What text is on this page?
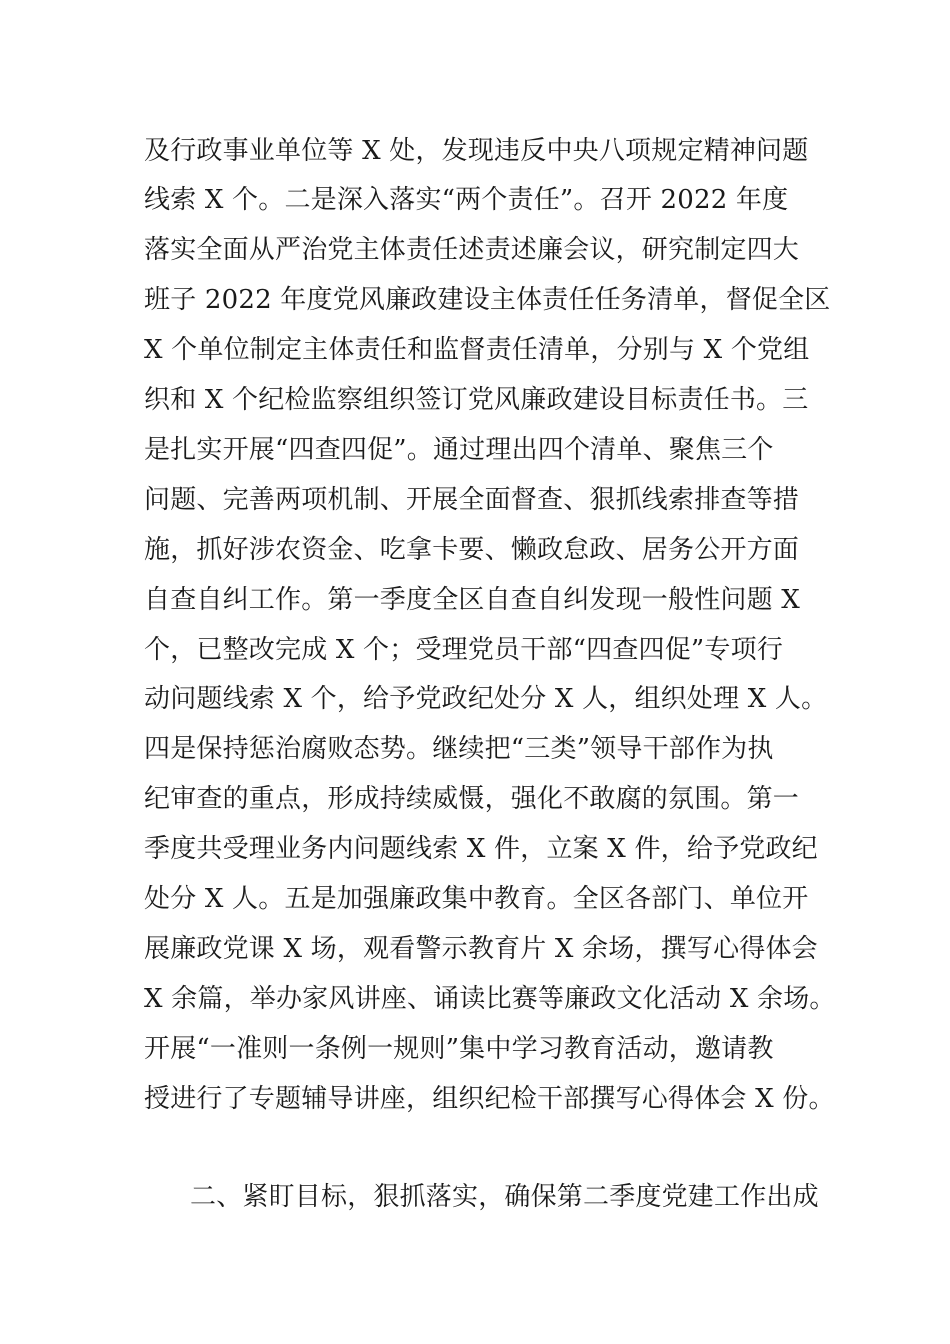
及行政事业单位等 X 处，发现违反中央八项规定精神问题
线索 X 个。二是深入落实“两个责任”。召开 2022 年度
落实全面从严治党主体责任述责述廉会议，研究制定四大
班子 2022 年度党风廉政建设主体责任任务清单，督促全区
X 个单位制定主体责任和监督责任清单，分别与 X 个党组
织和 X 个纪检监察组织签订党风廉政建设目标责任书。三
是扎实开展“四查四促”。通过理出四个清单、聚焦三个
问题、完善两项机制、开展全面督查、狠抓线索排查等措
施，抓好涉农资金、吃拿卡要、懒政怠政、居务公开方面
自查自纠工作。第一季度全区自查自纠发现一般性问题 X
个，已整改完成 X 个；受理党员干部“四查四促”专项行
动问题线索 X 个，给予党政纪处分 X 人，组织处理 X 人。
四是保持惩治腐败态势。继续把“三类”领导干部作为执
纪审查的重点，形成持续威慑，强化不敢腐的氛围。第一
季度共受理业务内问题线索 X 件，立案 X 件，给予党政纪
处分 X 人。五是加强廉政集中教育。全区各部门、单位开
展廉政党课 X 场，观看警示教育片 X 余场，撰写心得体会
X 余篇，举办家风讲座、诵读比赛等廉政文化活动 X 余场。
开展“一准则一条例一规则”集中学习教育活动，邀请教
授进行了专题辅导讲座，组织纪检干部撰写心得体会 X 份。
二、紧盯目标，狠抓落实，确保第二季度党建工作出成
